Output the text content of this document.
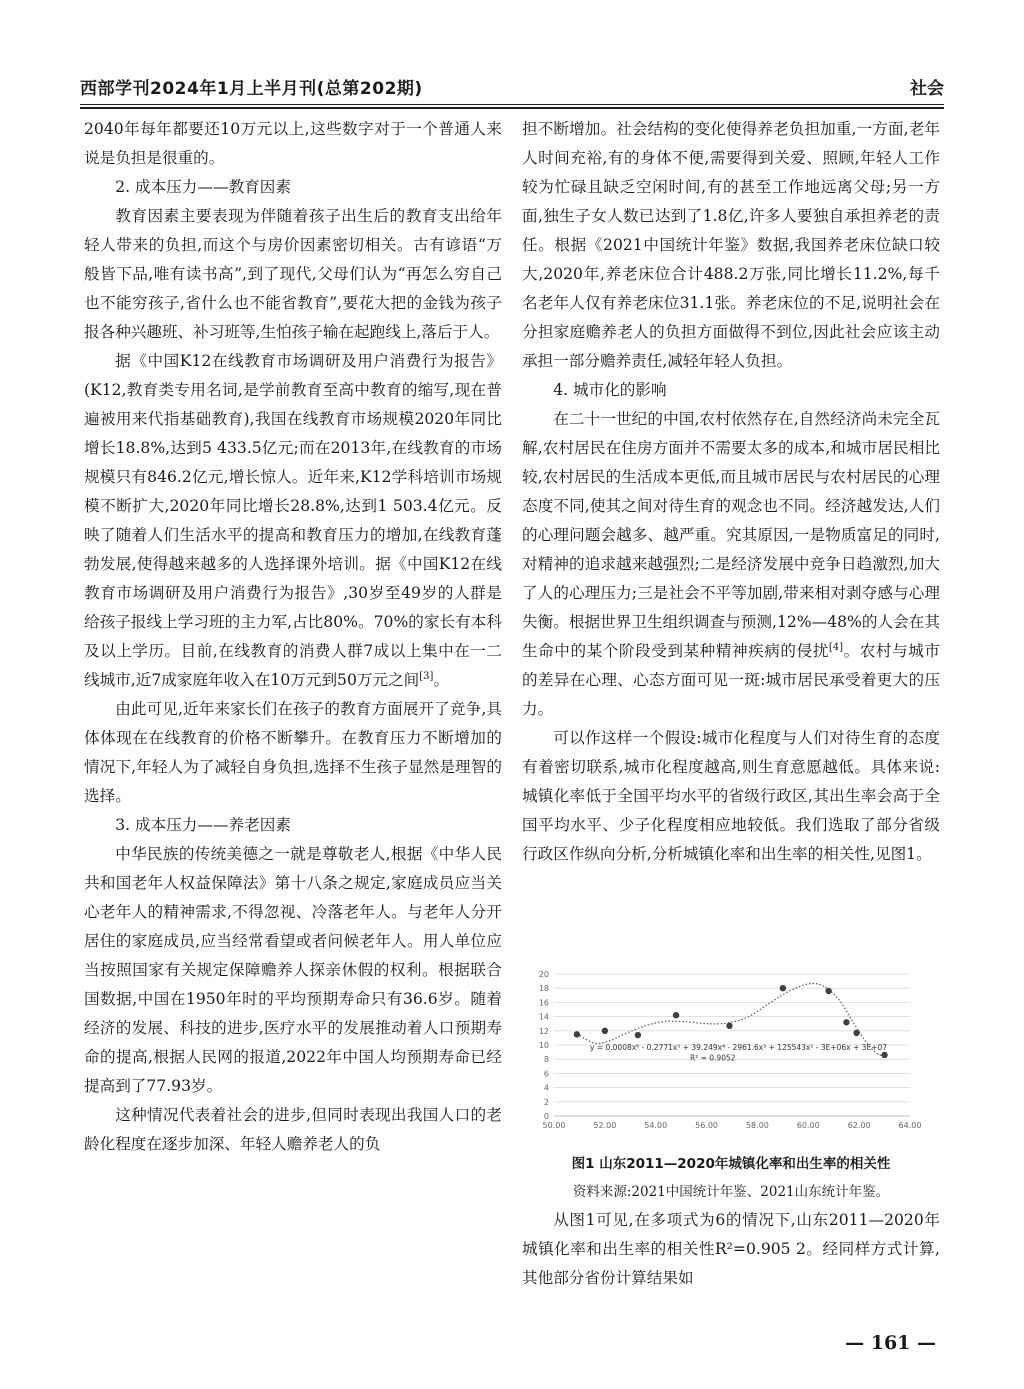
西部学刊2024年1月上半月刊(总第202期)	社会

2040年每年都要还10万元以上,这些数字对于一个普通人来说是负担是很重的。

2. 成本压力——教育因素

教育因素主要表现为伴随着孩子出生后的教育支出给年轻人带来的负担,而这个与房价因素密切相关。古有谚语“万般皆下品,唯有读书高”,到了现代,父母们认为“再怎么穷自己也不能穷孩子,省什么也不能省教育”,要花大把的金钱为孩子报各种兴趣班、补习班等,生怕孩子输在起跑线上,落后于人。

据《中国K12在线教育市场调研及用户消费行为报告》(K12,教育类专用名词,是学前教育至高中教育的缩写,现在普遍被用来代指基础教育),我国在线教育市场规模2020年同比增长18.8%,达到5 433.5亿元;而在2013年,在线教育的市场规模只有846.2亿元,增长惊人。近年来,K12学科培训市场规模不断扩大,2020年同比增长28.8%,达到1 503.4亿元。反映了随着人们生活水平的提高和教育压力的增加,在线教育蓬勃发展,使得越来越多的人选择课外培训。据《中国K12在线教育市场调研及用户消费行为报告》,30岁至49岁的人群是给孩子报线上学习班的主力军,占比80%。70%的家长有本科及以上学历。目前,在线教育的消费人群7成以上集中在一二线城市,近7成家庭年收入在10万元到50万元之间[3]。

由此可见,近年来家长们在孩子的教育方面展开了竞争,具体体现在在线教育的价格不断攀升。在教育压力不断增加的情况下,年轻人为了减轻自身负担,选择不生孩子显然是理智的选择。

3. 成本压力——养老因素

中华民族的传统美德之一就是尊敬老人,根据《中华人民共和国老年人权益保障法》第十八条之规定,家庭成员应当关心老年人的精神需求,不得忽视、冷落老年人。与老年人分开居住的家庭成员,应当经常看望或者问候老年人。用人单位应当按照国家有关规定保障赡养人探亲休假的权利。根据联合国数据,中国在1950年时的平均预期寿命只有36.6岁。随着经济的发展、科技的进步,医疗水平的发展推动着人口预期寿命的提高,根据人民网的报道,2022年中国人均预期寿命已经提高到了77.93岁。

这种情况代表着社会的进步,但同时表现出我国人口的老龄化程度在逐步加深、年轻人赡养老人的负

担不断增加。社会结构的变化使得养老负担加重,一方面,老年人时间充裕,有的身体不便,需要得到关爱、照顾,年轻人工作较为忙碌且缺乏空闲时间,有的甚至工作地远离父母;另一方面,独生子女人数已达到了1.8亿,许多人要独自承担养老的责任。根据《2021中国统计年鉴》数据,我国养老床位缺口较大,2020年,养老床位合计488.2万张,同比增长11.2%,每千名老年人仅有养老床位31.1张。养老床位的不足,说明社会在分担家庭赡养老人的负担方面做得不到位,因此社会应该主动承担一部分赡养责任,减轻年轻人负担。

4. 城市化的影响

在二十一世纪的中国,农村依然存在,自然经济尚未完全瓦解,农村居民在住房方面并不需要太多的成本,和城市居民相比较,农村居民的生活成本更低,而且城市居民与农村居民的心理态度不同,使其之间对待生育的观念也不同。经济越发达,人们的心理问题会越多、越严重。究其原因,一是物质富足的同时,对精神的追求越来越强烈;二是经济发展中竞争日趋激烈,加大了人的心理压力;三是社会不平等加剧,带来相对剥夺感与心理失衡。根据世界卫生组织调查与预测,12%—48%的人会在其生命中的某个阶段受到某种精神疾病的侵扰[4]。农村与城市的差异在心理、心态方面可见一斑:城市居民承受着更大的压力。

可以作这样一个假设:城市化程度与人们对待生育的态度有着密切联系,城市化程度越高,则生育意愿越低。具体来说:城镇化率低于全国平均水平的省级行政区,其出生率会高于全国平均水平、少子化程度相应地较低。我们选取了部分省级行政区作纵向分析,分析城镇化率和出生率的相关性,见图1。

0
2
4
6
8
10
12
14
16
18
20
50.00	52.00	54.00	56.00	58.00	60.00	62.00	64.00
y = 0.0008x⁶ - 0.2771x⁵ + 39.249x⁴ - 2961.6x³ + 125543x² - 3E+06x + 3E+07
R² = 0.9052
图1 山东2011—2020年城镇化率和出生率的相关性
资料来源:2021中国统计年鉴、2021山东统计年鉴。

从图1可见,在多项式为6的情况下,山东2011—2020年城镇化率和出生率的相关性R²=0.905 2。经同样方式计算,其他部分省份计算结果如

— 161 —
